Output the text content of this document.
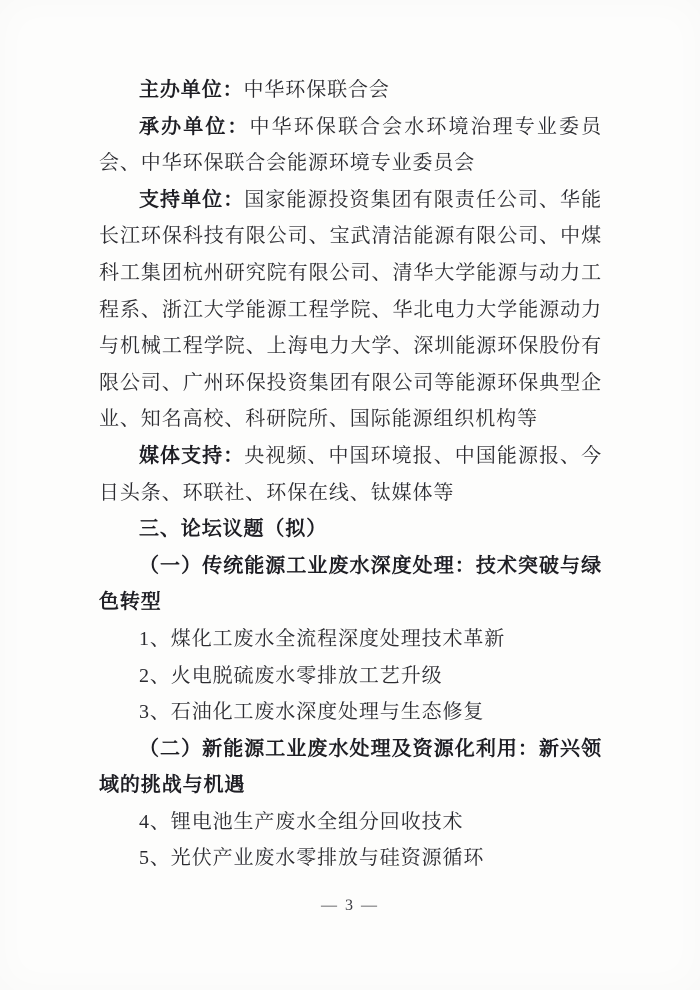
主办单位：中华环保联合会

承办单位：中华环保联合会水环境治理专业委员会、中华环保联合会能源环境专业委员会

支持单位：国家能源投资集团有限责任公司、华能长江环保科技有限公司、宝武清洁能源有限公司、中煤科工集团杭州研究院有限公司、清华大学能源与动力工程系、浙江大学能源工程学院、华北电力大学能源动力与机械工程学院、上海电力大学、深圳能源环保股份有限公司、广州环保投资集团有限公司等能源环保典型企业、知名高校、科研院所、国际能源组织机构等

媒体支持：央视频、中国环境报、中国能源报、今日头条、环联社、环保在线、钛媒体等

三、论坛议题（拟）

（一）传统能源工业废水深度处理：技术突破与绿色转型

1、煤化工废水全流程深度处理技术革新

2、火电脱硫废水零排放工艺升级

3、石油化工废水深度处理与生态修复

（二）新能源工业废水处理及资源化利用：新兴领域的挑战与机遇

4、锂电池生产废水全组分回收技术

5、光伏产业废水零排放与硅资源循环

— 3 —
